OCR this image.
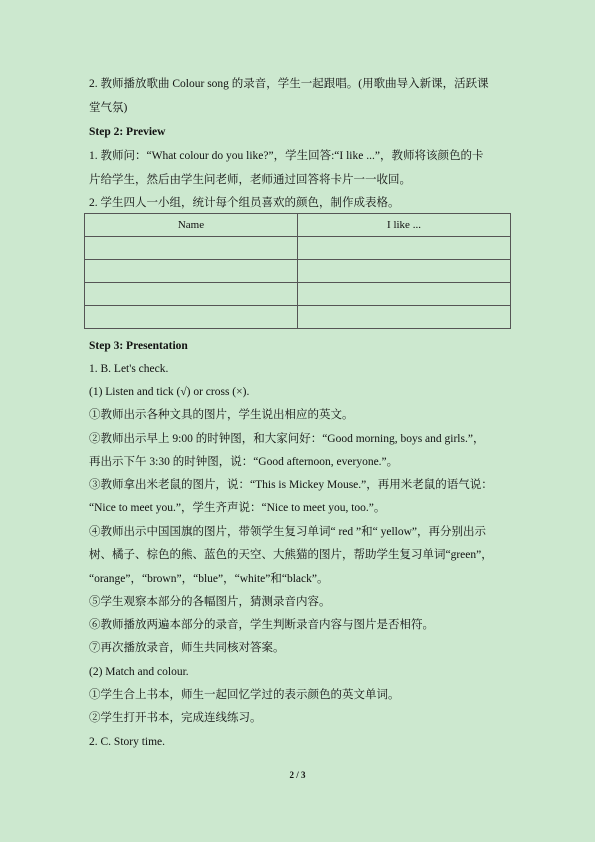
2. 教师播放歌曲 Colour song 的录音，学生一起跟唱。(用歌曲导入新课，活跃课
堂气氛)
Step 2: Preview
1. 教师问：“What colour do you like?”，学生回答:“I like ...”，教师将该颜色的卡
片给学生，然后由学生问老师，老师通过回答将卡片一一收回。
2. 学生四人一小组，统计每个组员喜欢的颜色，制作成表格。
Name	I like ...

Step 3: Presentation
1. B. Let's check.
(1) Listen and tick (√) or cross (×).
①教师出示各种文具的图片，学生说出相应的英文。
②教师出示早上 9:00 的时钟图，和大家问好：“Good morning, boys and girls.”，
再出示下午 3:30 的时钟图，说：“Good afternoon, everyone.”。
③教师拿出米老鼠的图片，说：“This is Mickey Mouse.”，再用米老鼠的语气说：
“Nice to meet you.”，学生齐声说：“Nice to meet you, too.”。
④教师出示中国国旗的图片，带领学生复习单词“ red ”和“ yellow”，再分别出示
树、橘子、棕色的熊、蓝色的天空、大熊猫的图片，帮助学生复习单词“green”，
“orange”，“brown”，“blue”，“white”和“black”。
⑤学生观察本部分的各幅图片，猜测录音内容。
⑥教师播放两遍本部分的录音，学生判断录音内容与图片是否相符。
⑦再次播放录音，师生共同核对答案。
(2) Match and colour.
①学生合上书本，师生一起回忆学过的表示颜色的英文单词。
②学生打开书本，完成连线练习。
2. C. Story time.
2 / 3
